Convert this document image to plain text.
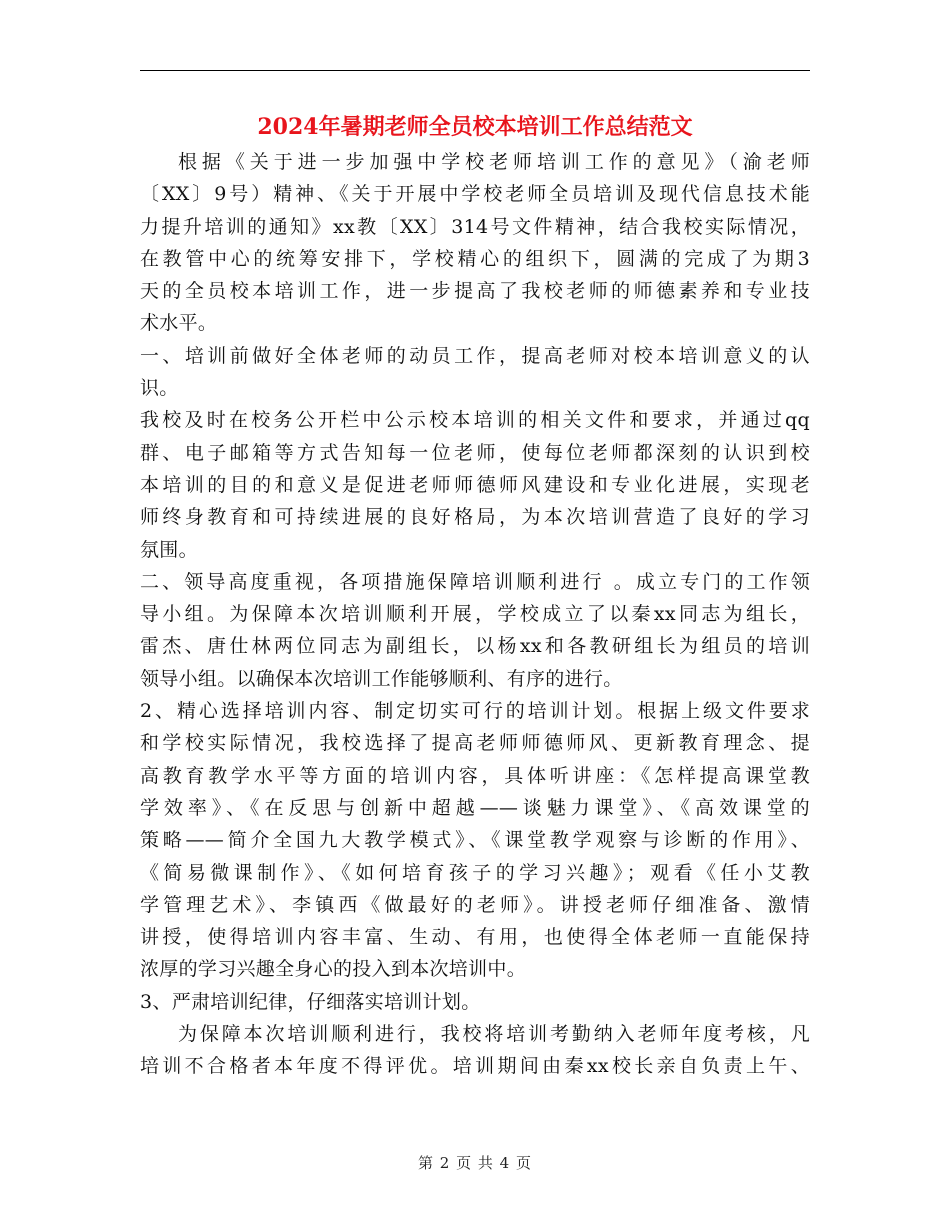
2024年暑期老师全员校本培训工作总结范文
根据《关于进一步加强中学校老师培训工作的意见》（渝老师
〔XX〕9号）精神、《关于开展中学校老师全员培训及现代信息技术能
力提升培训的通知》xx教〔XX〕314号文件精神，结合我校实际情况，
在教管中心的统筹安排下，学校精心的组织下，圆满的完成了为期3
天的全员校本培训工作，进一步提高了我校老师的师德素养和专业技
术水平。
一、培训前做好全体老师的动员工作，提高老师对校本培训意义的认
识。
我校及时在校务公开栏中公示校本培训的相关文件和要求，并通过qq
群、电子邮箱等方式告知每一位老师，使每位老师都深刻的认识到校
本培训的目的和意义是促进老师师德师风建设和专业化进展，实现老
师终身教育和可持续进展的良好格局，为本次培训营造了良好的学习
氛围。
二、领导高度重视，各项措施保障培训顺利进行 。成立专门的工作领
导小组。为保障本次培训顺利开展，学校成立了以秦xx同志为组长，
雷杰、唐仕林两位同志为副组长，以杨xx和各教研组长为组员的培训
领导小组。以确保本次培训工作能够顺利、有序的进行。
2、精心选择培训内容、制定切实可行的培训计划。根据上级文件要求
和学校实际情况，我校选择了提高老师师德师风、更新教育理念、提
高教育教学水平等方面的培训内容，具体听讲座：《怎样提高课堂教
学效率》、《在反思与创新中超越——谈魅力课堂》、《高效课堂的
策略——简介全国九大教学模式》、《课堂教学观察与诊断的作用》、
《简易微课制作》、《如何培育孩子的学习兴趣》；观看《任小艾教
学管理艺术》、李镇西《做最好的老师》。讲授老师仔细准备、激情
讲授，使得培训内容丰富、生动、有用，也使得全体老师一直能保持
浓厚的学习兴趣全身心的投入到本次培训中。
3、严肃培训纪律，仔细落实培训计划。
为保障本次培训顺利进行，我校将培训考勤纳入老师年度考核，凡
培训不合格者本年度不得评优。培训期间由秦xx校长亲自负责上午、
第 2 页 共 4 页
